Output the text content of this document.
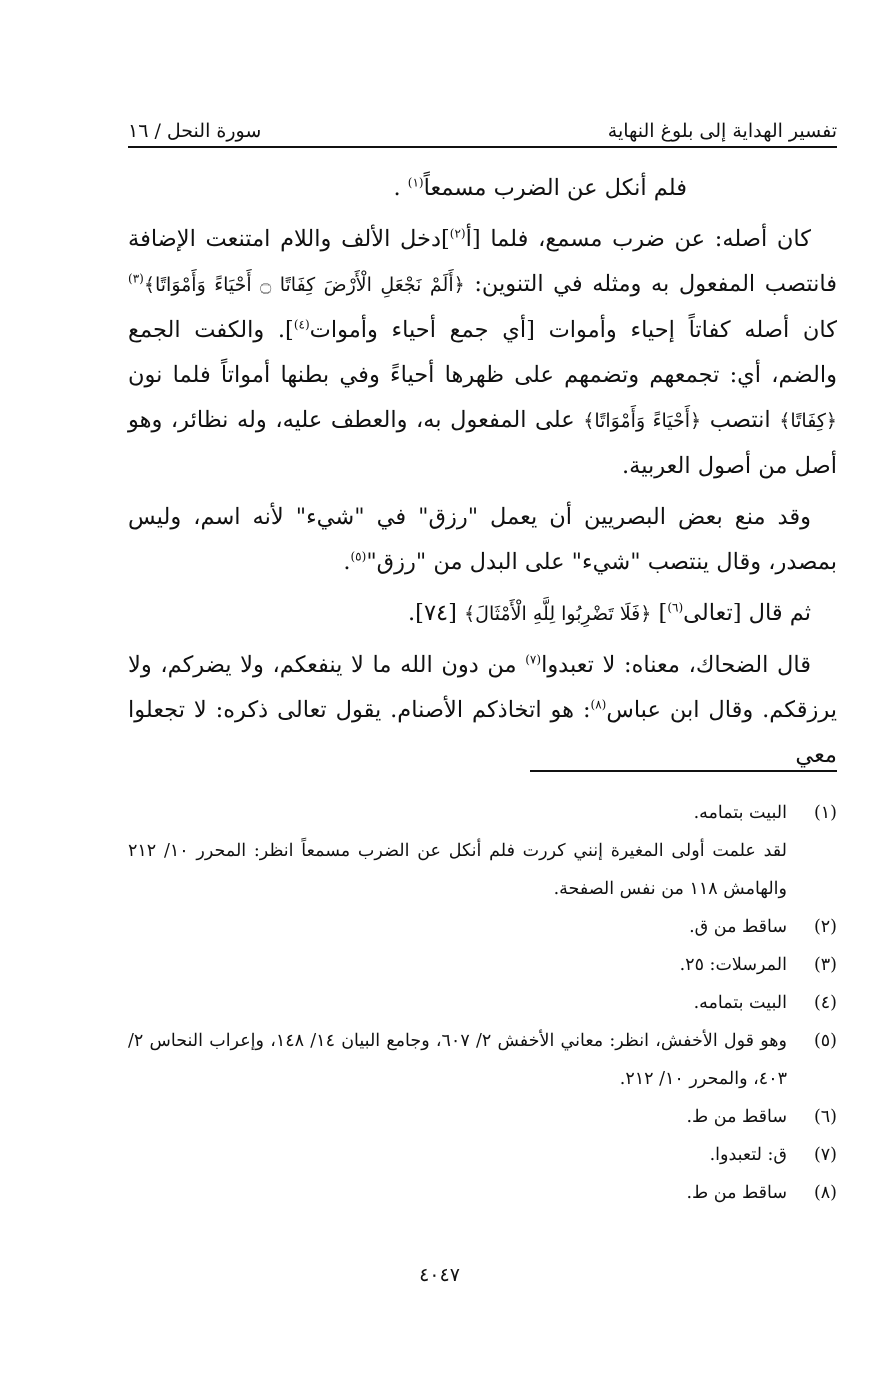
تفسير الهداية إلى بلوغ النهاية
سورة النحل / ١٦

فلم أنكل عن الضرب مسمعاً$^{(١)}$ .

كان أصله: عن ضرب مسمع، فلما [أ$^{(٢)}$]دخل الألف واللام امتنعت الإضافة فانتصب المفعول به ومثله في التنوين: ﴿أَلَمْ نَجْعَلِ الْأَرْضَ كِفَاتًا ۝ أَحْيَاءً وَأَمْوَاتًا﴾$^{(٣)}$ كان أصله كفاتاً إحياء وأموات [أي جمع أحياء وأموات$^{(٤)}$]. والكفت الجمع والضم، أي: تجمعهم وتضمهم على ظهرها أحياءً وفي بطنها أمواتاً فلما نون ﴿كِفَاتًا﴾ انتصب ﴿أَحْيَاءً وَأَمْوَاتًا﴾ على المفعول به، والعطف عليه، وله نظائر، وهو أصل من أصول العربية.

وقد منع بعض البصريين أن يعمل "رزق" في "شيء" لأنه اسم، وليس بمصدر، وقال ينتصب "شيء" على البدل من "رزق"$^{(٥)}$.

ثم قال [تعالى$^{(٦)}$] ﴿فَلَا تَضْرِبُوا لِلَّهِ الْأَمْثَالَ﴾ [٧٤].

قال الضحاك، معناه: لا تعبدوا$^{(٧)}$ من دون الله ما لا ينفعكم، ولا يضركم، ولا يرزقكم. وقال ابن عباس$^{(٨)}$: هو اتخاذكم الأصنام. يقول تعالى ذكره: لا تجعلوا معي

(١)
البيت بتمامه.
لقد علمت أولى المغيرة إنني كررت فلم أنكل عن الضرب مسمعاً انظر: المحرر ١٠/ ٢١٢ والهامش ١١٨ من نفس الصفحة.
(٢)
ساقط من ق.
(٣)
المرسلات: ٢٥.
(٤)
البيت بتمامه.
(٥)
وهو قول الأخفش، انظر: معاني الأخفش ٢/ ٦٠٧، وجامع البيان ١٤/ ١٤٨، وإعراب النحاس ٢/ ٤٠٣، والمحرر ١٠/ ٢١٢.
(٦)
ساقط من ط.
(٧)
ق: لتعبدوا.
(٨)
ساقط من ط.
٤٠٤٧
